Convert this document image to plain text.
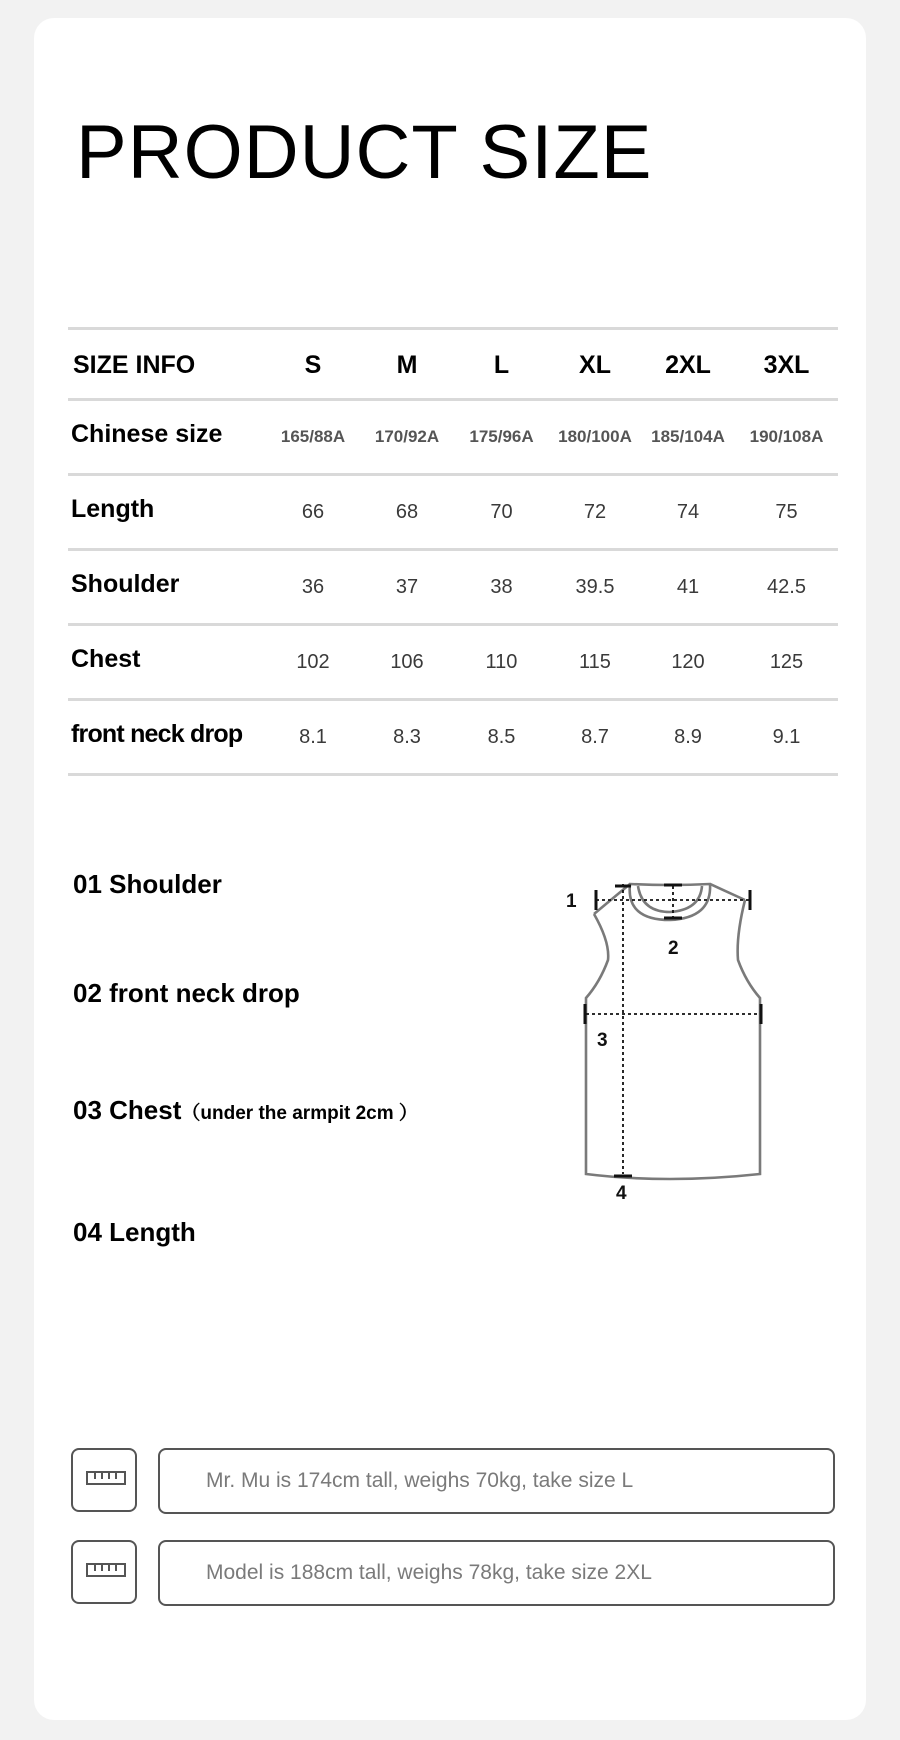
PRODUCT SIZE
SIZE INFO	S	M	L	XL	2XL	3XL
Chinese size	165/88A	170/92A	175/96A	180/100A	185/104A	190/108A
Length	66	68	70	72	74	75
Shoulder	36	37	38	39.5	41	42.5
Chest	102	106	110	115	120	125
front neck drop	8.1	8.3	8.5	8.7	8.9	9.1

01 Shoulder

02 front neck drop

03 Chest（under the armpit 2cm ）

04 Length

1
2
3
4
Mr. Mu is 174cm tall, weighs 70kg, take size L
Model is 188cm tall, weighs 78kg, take size 2XL
